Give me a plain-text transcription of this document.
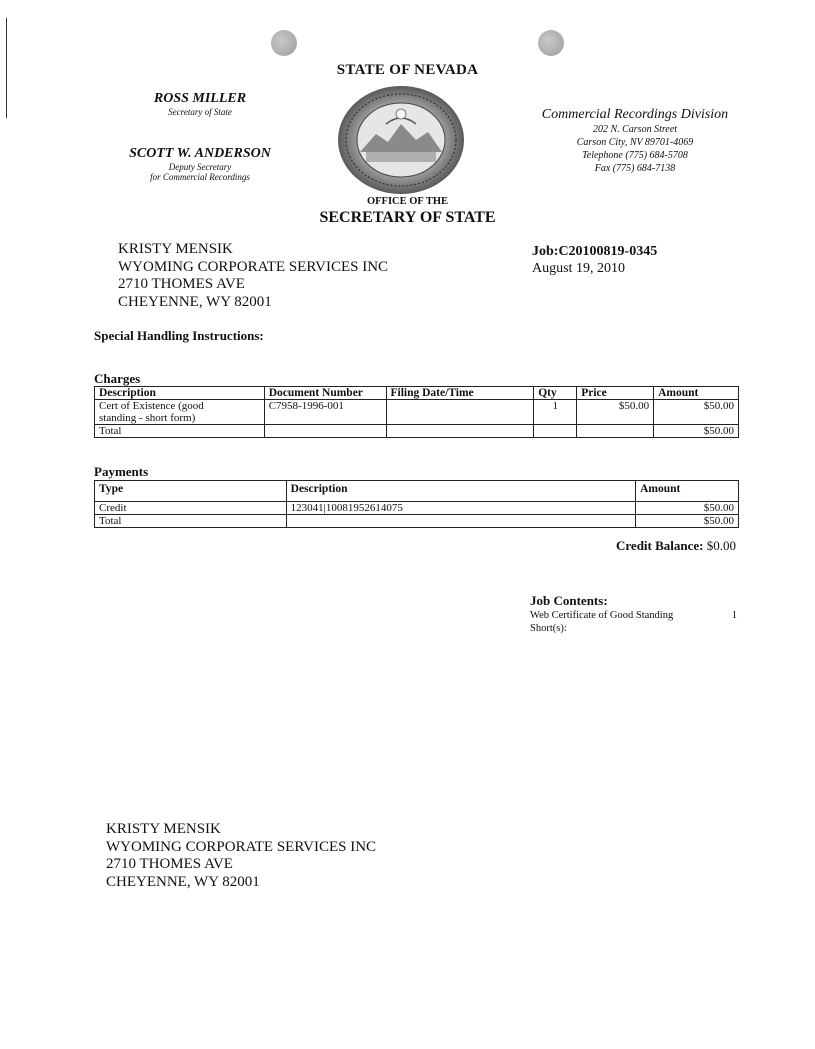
STATE OF NEVADA
OFFICE OF THE
SECRETARY OF STATE
ROSS MILLER
Secretary of State
SCOTT W. ANDERSON
Deputy Secretary
for Commercial Recordings
Commercial Recordings Division
202 N. Carson Street
Carson City, NV 89701-4069
Telephone (775) 684-5708
Fax (775) 684-7138
KRISTY MENSIK
WYOMING CORPORATE SERVICES INC
2710 THOMES AVE
CHEYENNE, WY 82001
Job:C20100819-0345
August 19, 2010
Special Handling Instructions:
Charges
Description	Document Number	Filing Date/Time	Qty	Price	Amount

Cert of Existence (good
standing - short form)	C7958-1996-001		1	$50.00	$50.00
Total					$50.00
Payments
Type	Description	Amount
Credit	123041|10081952614075	$50.00
Total		$50.00
Credit Balance: $0.00
Job Contents:
Web Certificate of Good Standing	1
Short(s):
KRISTY MENSIK
WYOMING CORPORATE SERVICES INC
2710 THOMES AVE
CHEYENNE, WY 82001
